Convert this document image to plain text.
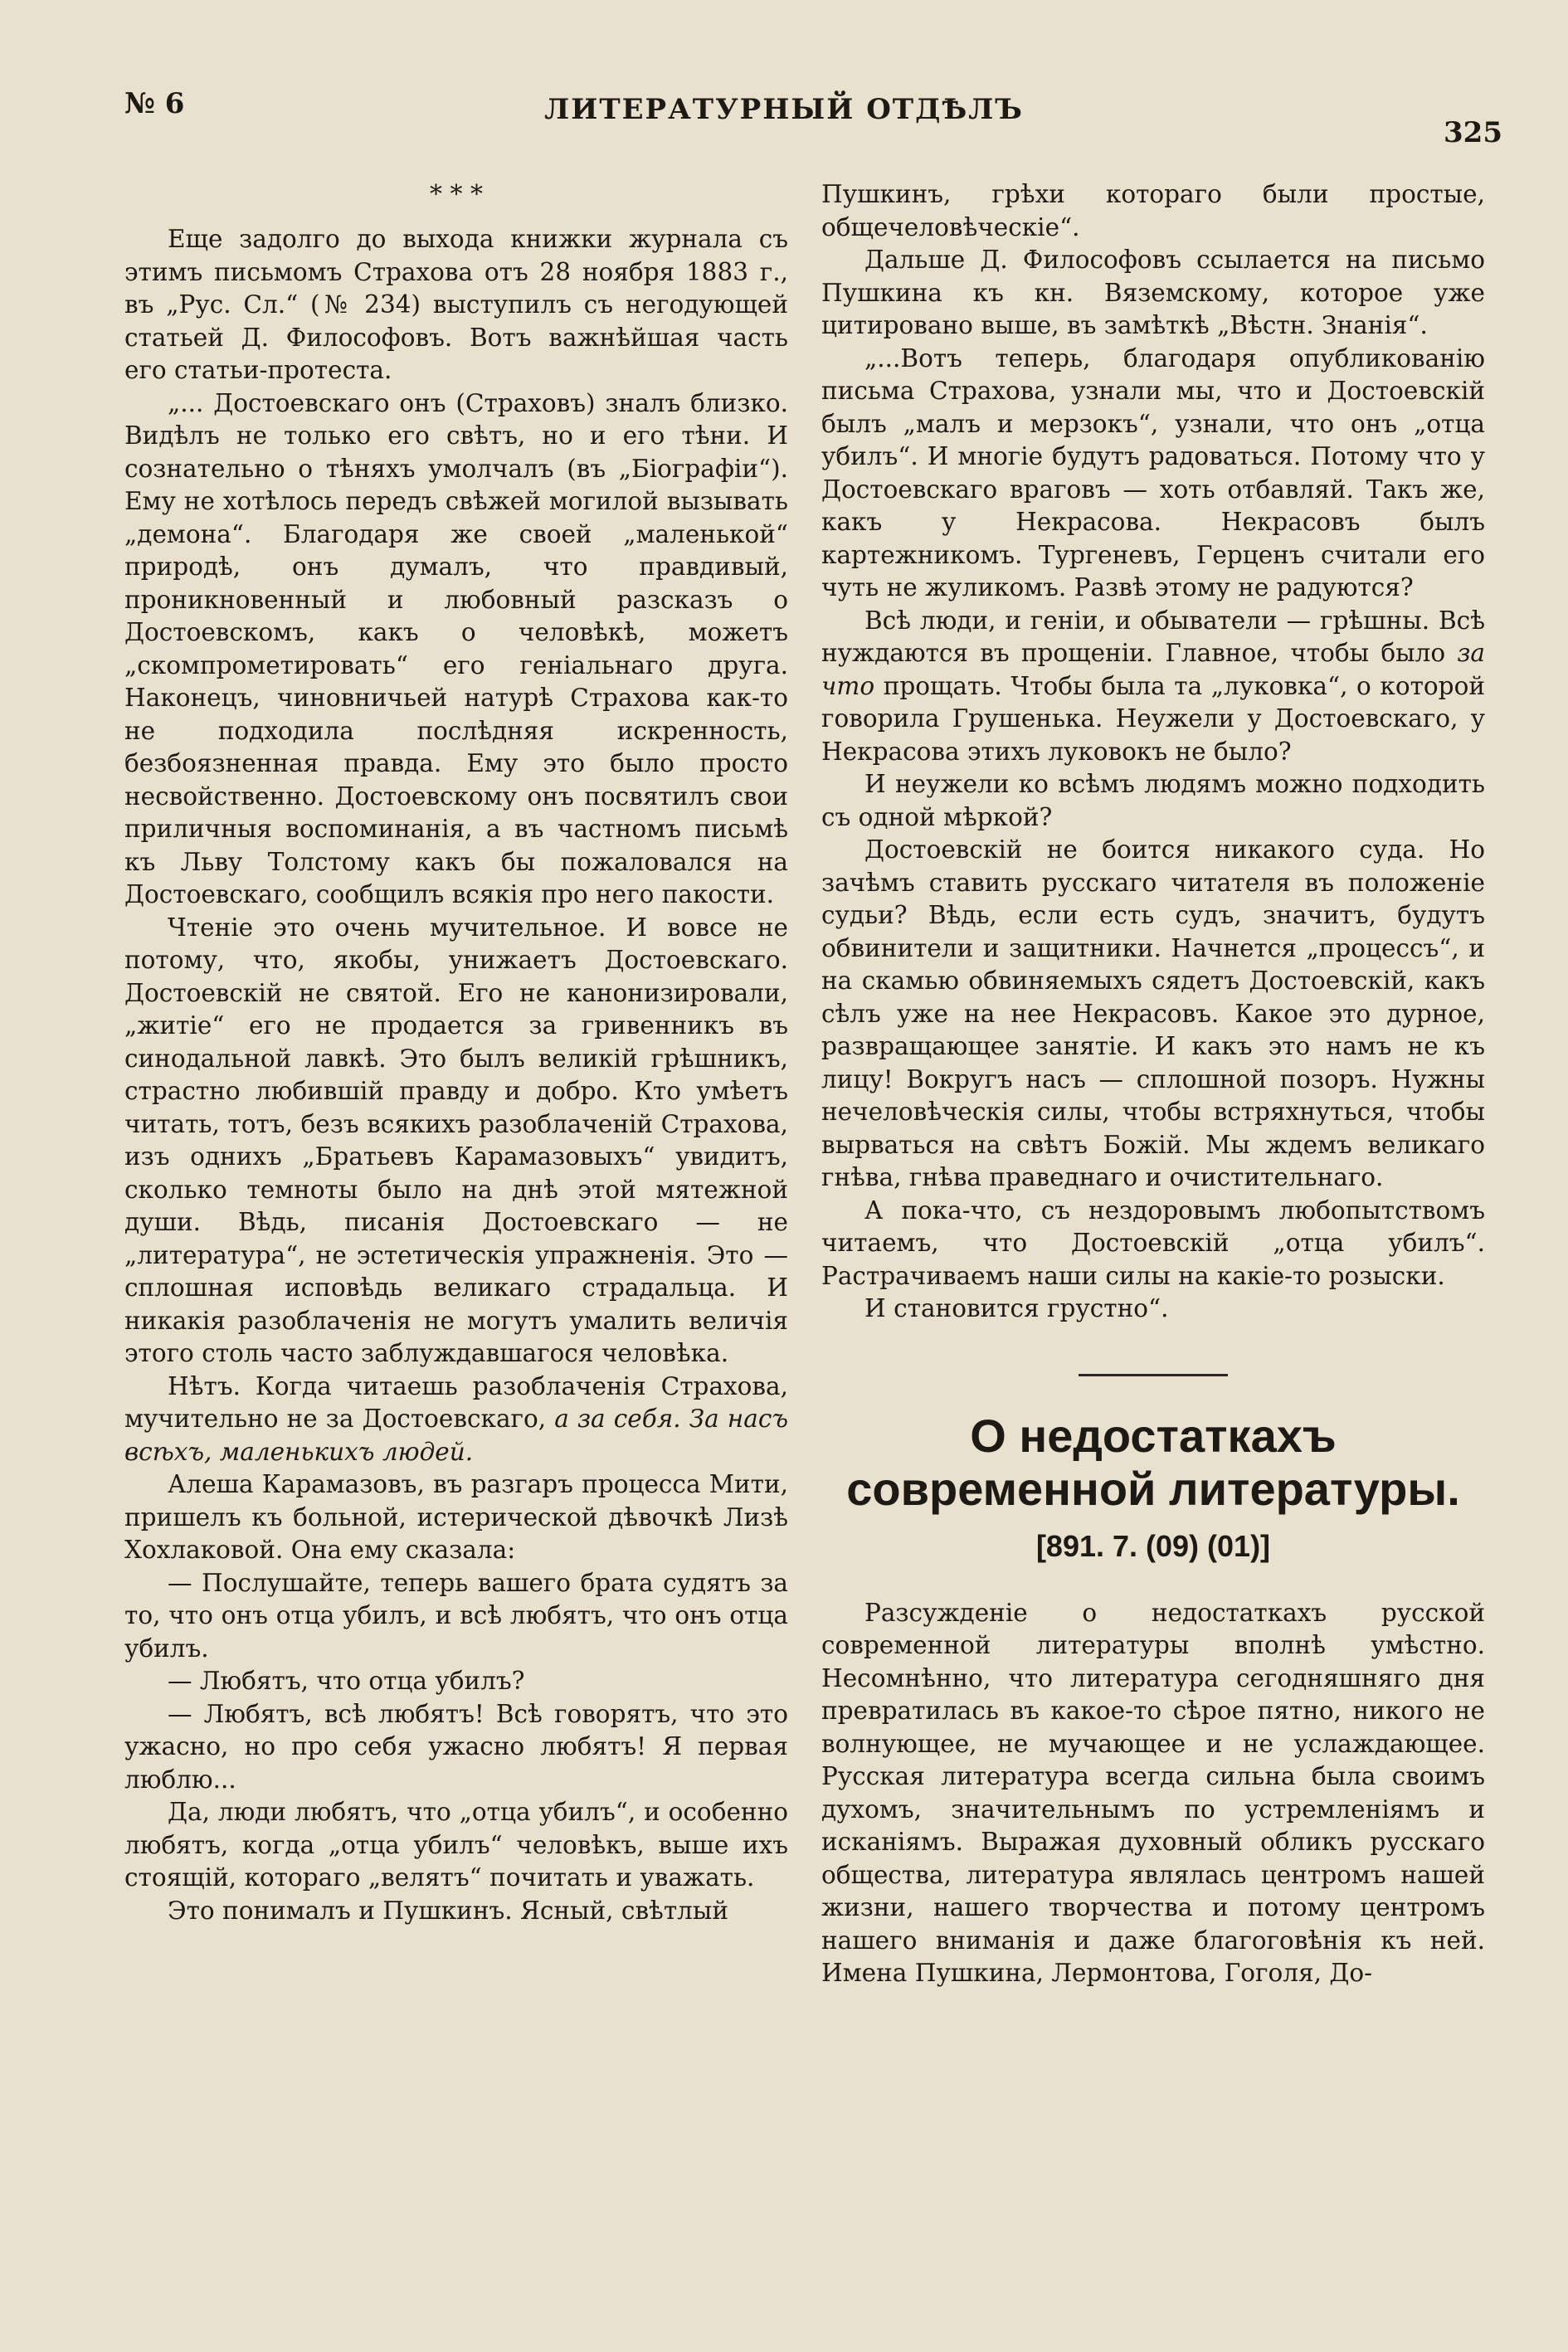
№ 6	ЛИТЕРАТУРНЫЙ ОТДѢЛЪ
325
* * *

Еще задолго до выхода книжки журнала съ этимъ письмомъ Страхова отъ 28 ноября 1883 г., въ „Рус. Сл.“ (№ 234) выступилъ съ негодующей статьей Д. Философовъ. Вотъ важнѣйшая часть его статьи-протеста.

„... Достоевскаго онъ (Страховъ) зналъ близко. Видѣлъ не только его свѣтъ, но и его тѣни. И сознательно о тѣняхъ умолчалъ (въ „Біографіи“). Ему не хотѣлось передъ свѣжей могилой вызывать „демона“. Благодаря же своей „маленькой“ природѣ, онъ думалъ, что правдивый, проникновенный и любовный разсказъ о Достоевскомъ, какъ о человѣкѣ, можетъ „скомпрометировать“ его геніальнаго друга. Наконецъ, чиновничьей натурѣ Страхова как-то не подходила послѣдняя искренность, безбоязненная правда. Ему это было просто несвойственно. Достоевскому онъ посвятилъ свои приличныя воспоминанія, а въ частномъ письмѣ къ Льву Толстому какъ бы пожаловался на Достоевскаго, сообщилъ всякія про него пакости.

Чтеніе это очень мучительное. И вовсе не потому, что, якобы, унижаетъ Достоевскаго. Достоевскій не святой. Его не канонизировали, „житіе“ его не продается за гривенникъ въ синодальной лавкѣ. Это былъ великій грѣшникъ, страстно любившій правду и добро. Кто умѣетъ читать, тотъ, безъ всякихъ разоблаченій Страхова, изъ однихъ „Братьевъ Карамазовыхъ“ увидитъ, сколько темноты было на днѣ этой мятежной души. Вѣдь, писанія Достоевскаго — не „литература“, не эстетическія упражненія. Это — сплошная исповѣдь великаго страдальца. И никакія разоблаченія не могутъ умалить величія этого столь часто заблуждавшагося человѣка.

Нѣтъ. Когда читаешь разоблаченія Страхова, мучительно не за Достоевскаго, а за себя. За насъ всѣхъ, маленькихъ людей.

Алеша Карамазовъ, въ разгаръ процесса Мити, пришелъ къ больной, истерической дѣвочкѣ Лизѣ Хохлаковой. Она ему сказала:

— Послушайте, теперь вашего брата судятъ за то, что онъ отца убилъ, и всѣ любятъ, что онъ отца убилъ.

— Любятъ, что отца убилъ?

— Любятъ, всѣ любятъ! Всѣ говорятъ, что это ужасно, но про себя ужасно любятъ! Я первая люблю...

Да, люди любятъ, что „отца убилъ“, и особенно любятъ, когда „отца убилъ“ человѣкъ, выше ихъ стоящій, котораго „велятъ“ почитать и уважать.

Это понималъ и Пушкинъ. Ясный, свѣтлый

Пушкинъ, грѣхи котораго были простые, общечеловѣческіе“.

Дальше Д. Философовъ ссылается на письмо Пушкина къ кн. Вяземскому, которое уже цитировано выше, въ замѣткѣ „Вѣстн. Знанія“.

„...Вотъ теперь, благодаря опубликованію письма Страхова, узнали мы, что и Достоевскій былъ „малъ и мерзокъ“, узнали, что онъ „отца убилъ“. И многіе будутъ радоваться. Потому что у Достоевскаго враговъ — хоть отбавляй. Такъ же, какъ у Некрасова. Некрасовъ былъ картежникомъ. Тургеневъ, Герценъ считали его чуть не жуликомъ. Развѣ этому не радуются?

Всѣ люди, и геніи, и обыватели — грѣшны. Всѣ нуждаются въ прощеніи. Главное, чтобы было за что прощать. Чтобы была та „луковка“, о которой говорила Грушенька. Неужели у Достоевскаго, у Некрасова этихъ луковокъ не было?

И неужели ко всѣмъ людямъ можно подходить съ одной мѣркой?

Достоевскій не боится никакого суда. Но зачѣмъ ставить русскаго читателя въ положеніе судьи? Вѣдь, если есть судъ, значитъ, будутъ обвинители и защитники. Начнется „процессъ“, и на скамью обвиняемыхъ сядетъ Достоевскій, какъ сѣлъ уже на нее Некрасовъ. Какое это дурное, развращающее занятіе. И какъ это намъ не къ лицу! Вокругъ насъ — сплошной позоръ. Нужны нечеловѣческія силы, чтобы встряхнуться, чтобы вырваться на свѣтъ Божій. Мы ждемъ великаго гнѣва, гнѣва праведнаго и очистительнаго.

А пока-что, съ нездоровымъ любопытствомъ читаемъ, что Достоевскій „отца убилъ“. Растрачиваемъ наши силы на какіе-то розыски.

И становится грустно“.

О недостаткахъ современной литературы.
[891. 7. (09) (01)]

Разсужденіе о недостаткахъ русской современной литературы вполнѣ умѣстно. Несомнѣнно, что литература сегодняшняго дня превратилась въ какое-то сѣрое пятно, никого не волнующее, не мучающее и не услаждающее. Русская литература всегда сильна была своимъ духомъ, значительнымъ по устремленіямъ и исканіямъ. Выражая духовный обликъ русскаго общества, литература являлась центромъ нашей жизни, нашего творчества и потому центромъ нашего вниманія и даже благоговѣнія къ ней. Имена Пушкина, Лермонтова, Гоголя, До-
